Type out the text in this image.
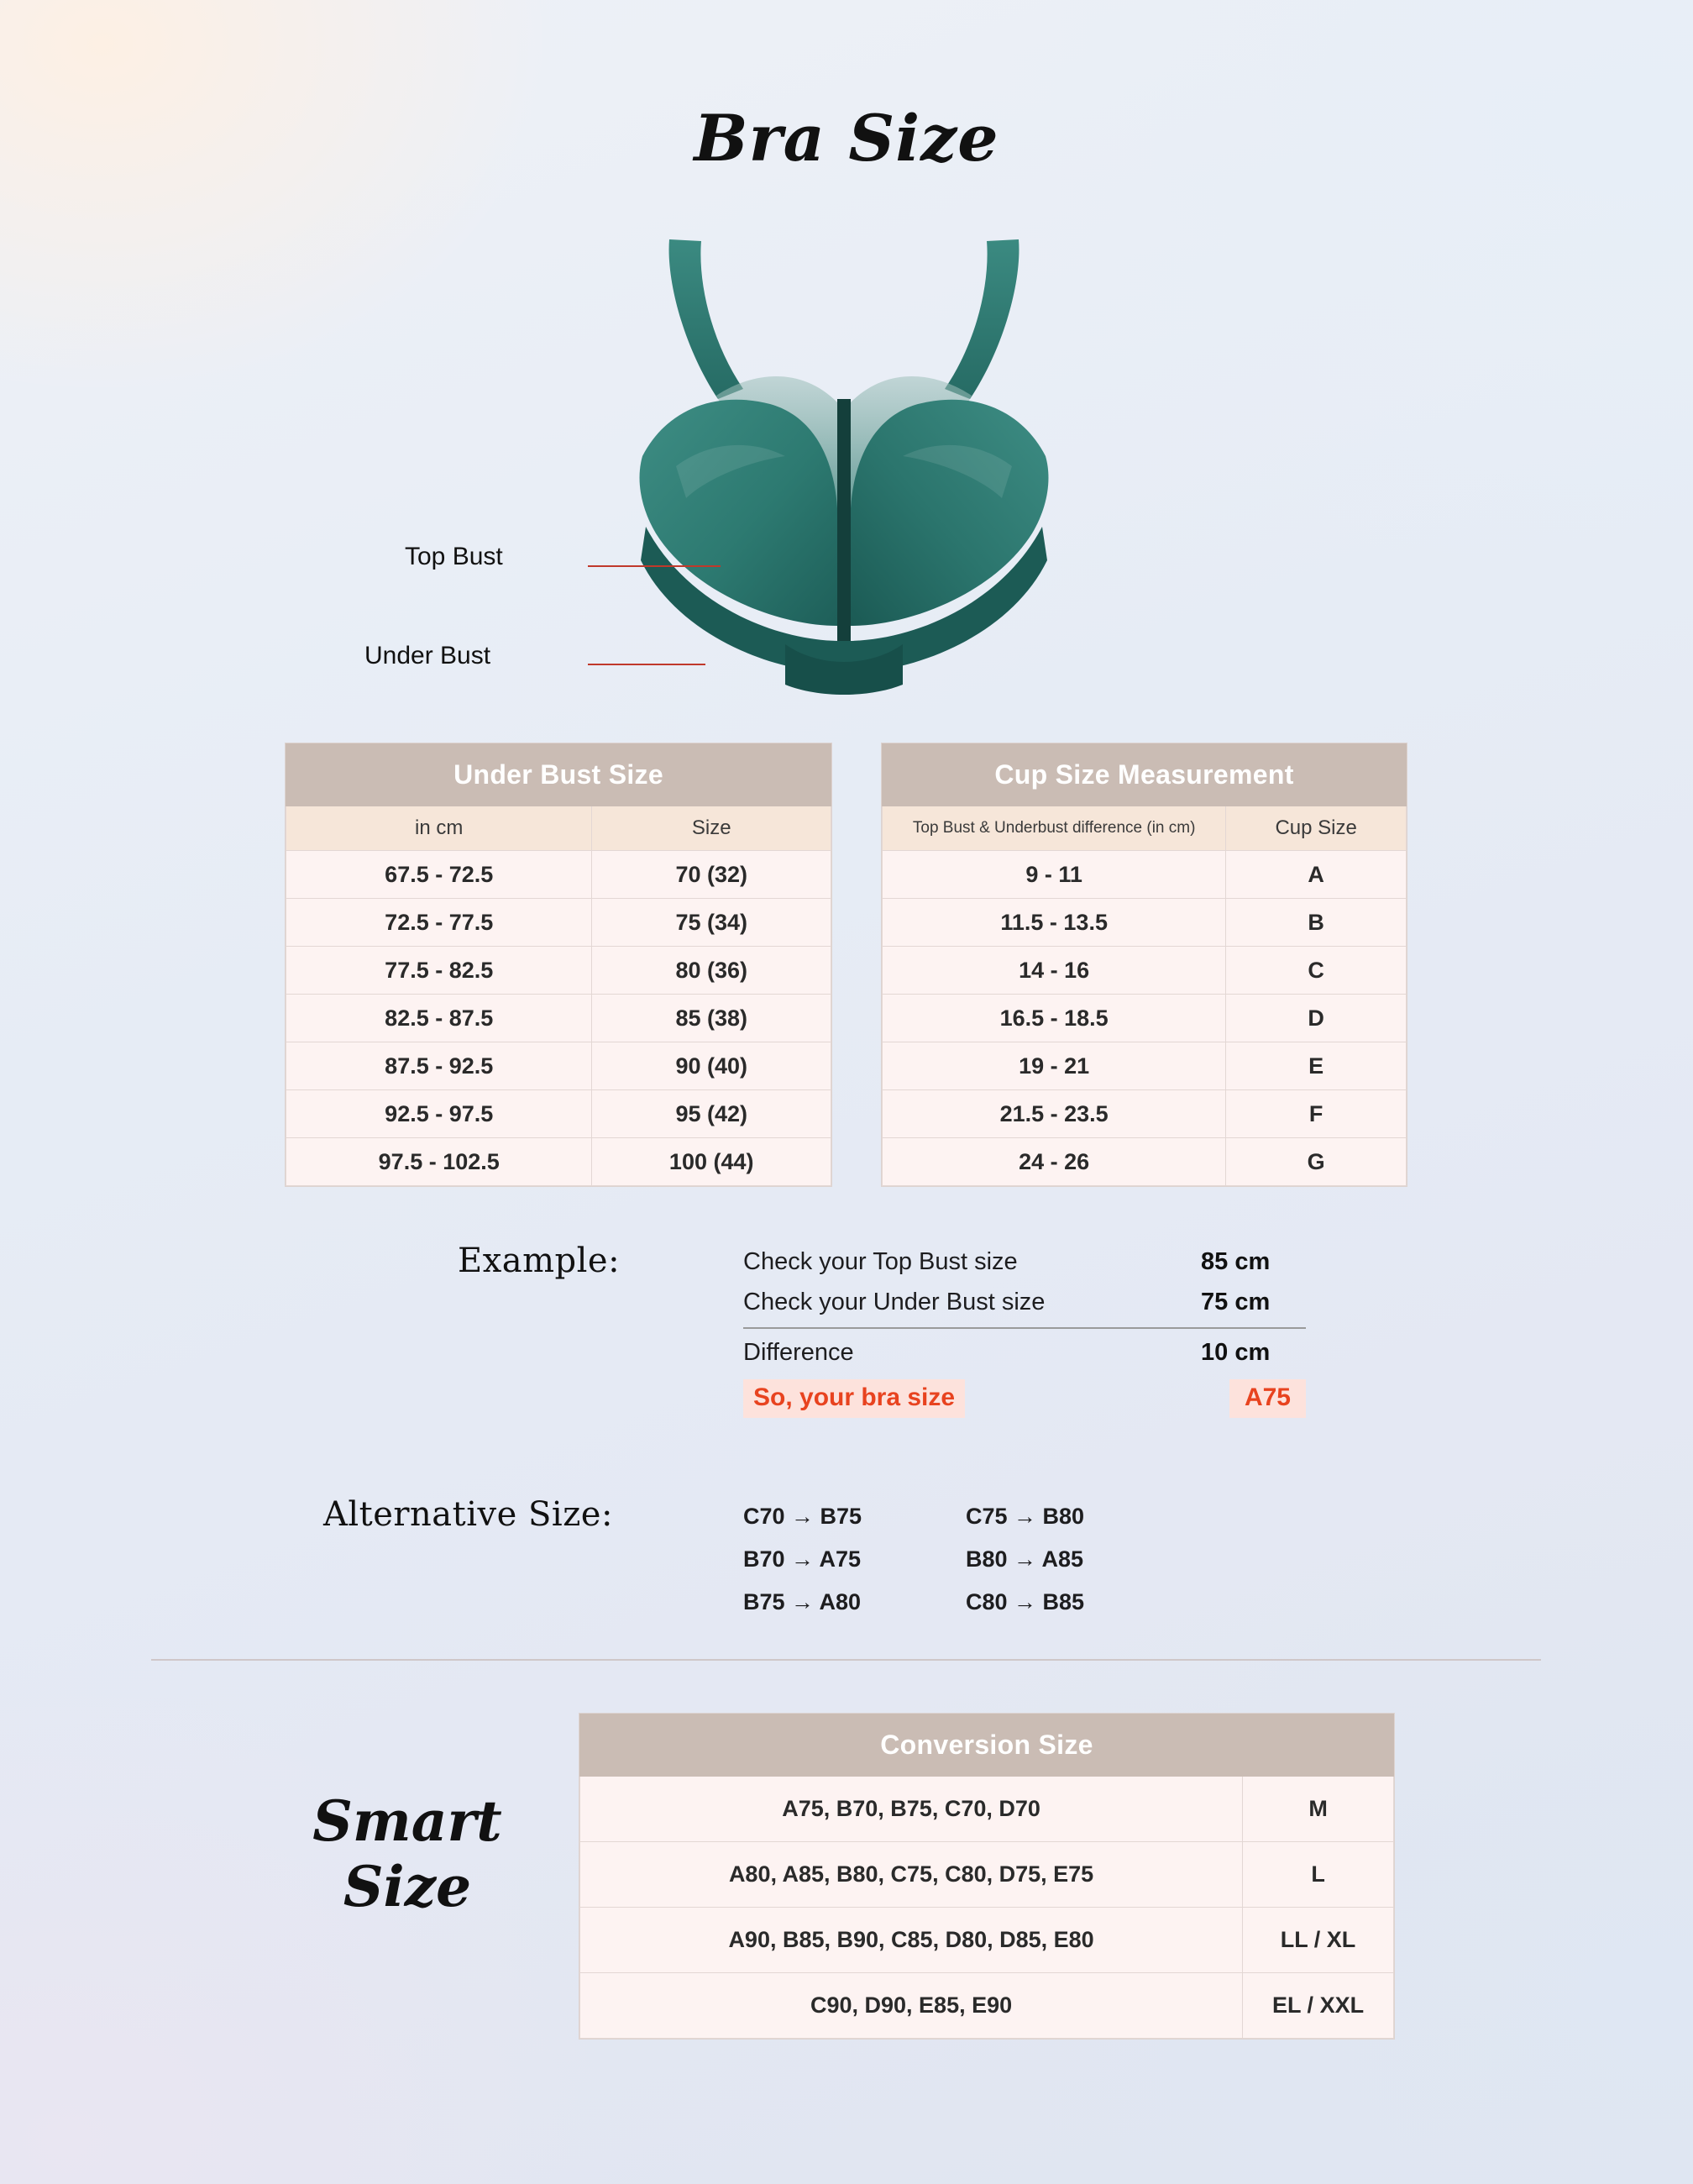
Bra Size
Top Bust
Under Bust
Under Bust Size	
in cm	Size
67.5 - 72.5	70 (32)
72.5 - 77.5	75 (34)
77.5 - 82.5	80 (36)
82.5 - 87.5	85 (38)
87.5 - 92.5	90 (40)
92.5 - 97.5	95 (42)
97.5 - 102.5	100 (44)
Cup Size Measurement	
Top Bust & Underbust difference (in cm)	Cup Size
9 - 11	A
11.5 - 13.5	B
14 - 16	C
16.5 - 18.5	D
19 - 21	E
21.5 - 23.5	F
24 - 26	G
Example:	Check your Top Bust size	85 cm
Check your Under Bust size	75 cm
Difference	10 cm
So, your bra size	A75
Alternative Size:	C70 → B75	C75 → B80
B70 → A75	B80 → A85
B75 → A80	C80 → B85
Smart Size
Conversion Size	
A75, B70, B75, C70, D70	M
A80, A85, B80, C75, C80, D75, E75	L
A90, B85, B90, C85, D80, D85, E80	LL / XL
C90, D90, E85, E90	EL / XXL
